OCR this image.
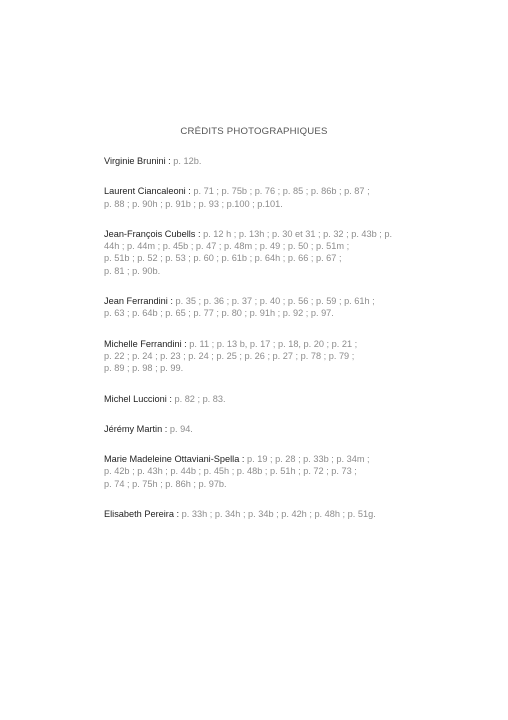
CRÉDITS PHOTOGRAPHIQUES
Virginie Brunini : p. 12b.
Laurent Ciancaleoni : p. 71 ; p. 75b ; p. 76 ; p. 85 ; p. 86b ; p. 87 ;
p. 88 ; p. 90h ; p. 91b ; p. 93 ; p.100 ; p.101.
Jean-François Cubells : p. 12 h ; p. 13h ; p. 30 et 31 ; p. 32 ; p. 43b ; p.
44h ; p. 44m ; p. 45b ; p. 47 ; p. 48m ; p. 49 ; p. 50 ; p. 51m ;
p. 51b ; p. 52 ; p. 53 ; p. 60 ; p. 61b ; p. 64h ; p. 66 ; p. 67 ;
p. 81 ; p. 90b.
Jean Ferrandini : p. 35 ; p. 36 ; p. 37 ; p. 40 ; p. 56 ; p. 59 ; p. 61h ;
p. 63 ; p. 64b ; p. 65 ; p. 77 ; p. 80 ; p. 91h ; p. 92 ; p. 97.
Michelle Ferrandini : p. 11 ; p. 13 b, p. 17 ; p. 18, p. 20 ; p. 21 ;
p. 22 ; p. 24 ; p. 23 ; p. 24 ; p. 25 ; p. 26 ; p. 27 ; p. 78 ; p. 79 ;
p. 89 ; p. 98 ; p. 99.
Michel Luccioni : p. 82 ; p. 83.
Jérémy Martin : p. 94.
Marie Madeleine Ottaviani-Spella : p. 19 ; p. 28 ; p. 33b ; p. 34m ;
p. 42b ; p. 43h ; p. 44b ; p. 45h ; p. 48b ; p. 51h ; p. 72 ; p. 73 ;
p. 74 ; p. 75h ; p. 86h ; p. 97b.
Elisabeth Pereira : p. 33h ; p. 34h ; p. 34b ; p. 42h ; p. 48h ; p. 51g.
